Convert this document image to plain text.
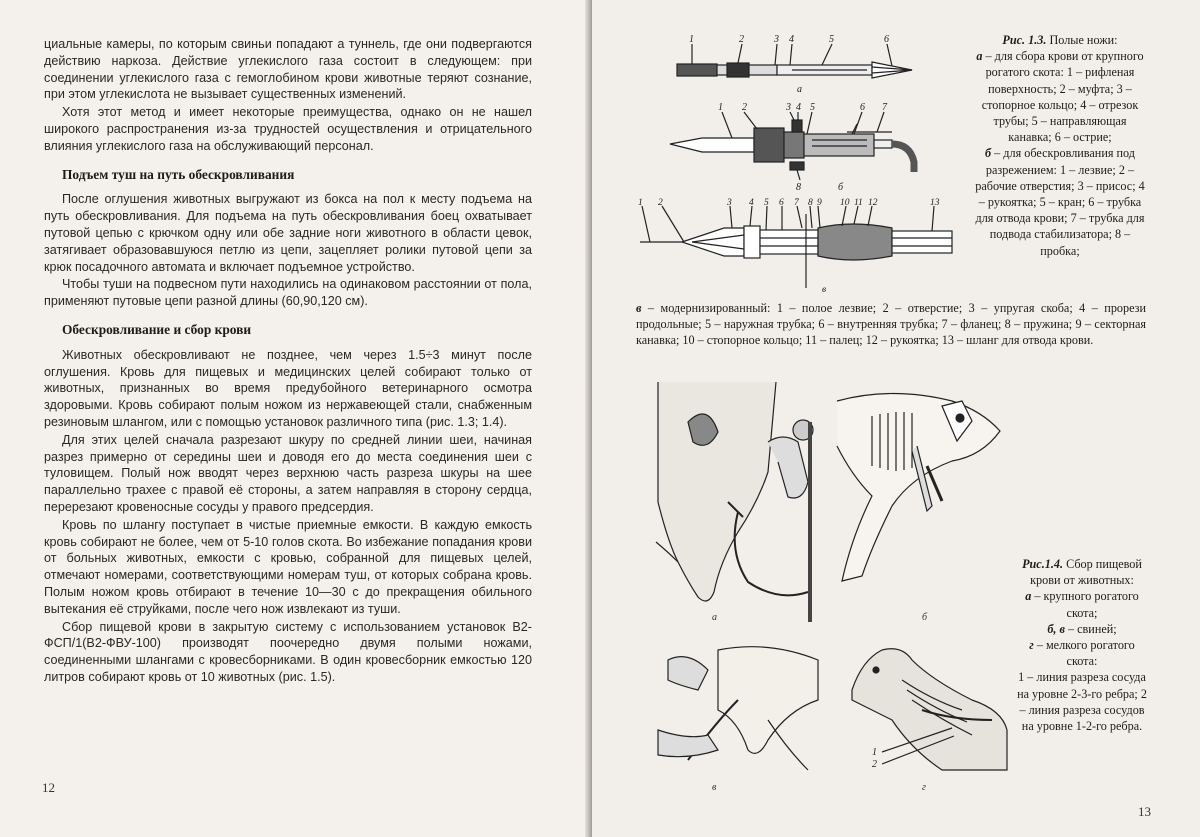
циальные камеры, по которым свиньи попадают а туннель, где они подвергаются действию наркоза. Действие углекислого газа состоит в следующем: при соединении углекислого газа с гемоглобином крови животные теряют сознание, при этом углекислота не вызывает существенных изменений.

Хотя этот метод и имеет некоторые преимущества, однако он не нашел широкого распространения из-за трудностей осуществления и отрицательного влияния углекислого газа на обслуживающий персонал.

Подъем туш на путь обескровливания

После оглушения животных выгружают из бокса на пол к месту подъема на путь обескровливания. Для подъема на путь обескровливания боец охватывает путовой цепью с крючком одну или обе задние ноги животного в области цевок, затягивает образовавшуюся петлю из цепи, зацепляет ролики путовой цепи за крюк посадочного автомата и включает подъемное устройство.

Чтобы туши на подвесном пути находились на одинаковом расстоянии от пола, применяют путовые цепи разной длины (60,90,120 см).

Обескровливание и сбор крови

Животных обескровливают не позднее, чем через 1.5÷3 минут после оглушения. Кровь для пищевых и медицинских целей собирают только от животных, признанных во время предубойного ветеринарного осмотра здоровыми. Кровь собирают полым ножом из нержавеющей стали, снабженным резиновым шлангом, или с помощью установок различного типа (рис. 1.3; 1.4).

Для этих целей сначала разрезают шкуру по средней линии шеи, начиная разрез примерно от середины шеи и доводя его до места соединения шеи с туловищем. Полый нож вводят через верхнюю часть разреза шкуры на шее параллельно трахее с правой её стороны, а затем направляя в сторону сердца, перерезают кровеносные сосуды у правого предсердия.

Кровь по шлангу поступает в чистые приемные емкости. В каждую емкость кровь собирают не более, чем от 5-10 голов скота. Во избежание попадания крови от больных животных, емкости с кровью, собранной для пищевых целей, отмечают номерами, соответствующими номерам туш, от которых собрана кровь. Полым ножом кровь отбирают в течение 10—30 с до прекращения обильного вытекания её струйками, после чего нож извлекают из туши.

Сбор пищевой крови в закрытую систему с использованием установок В2-ФСП/1(В2-ФВУ-100) производят поочередно двумя полыми ножами, соединенными шлангами с кровесборниками. В один кровесборник емкостью 120 литров собирают кровь от 10 животных (рис. 1.5).

12
1	2	3 4	5	6
а
1 2	3 4 5	6 7
8	б
1 2	3 4 5 6 7 8 9 10 11 12	13
в
Рис. 1.3. Полые ножи:
а – для сбора крови от крупного рогатого скота: 1 – рифленая поверхность; 2 – муфта; 3 – стопорное кольцо; 4 – отрезок трубы; 5 – направляющая канавка; 6 – острие;
б – для обескровливания под разрежением: 1 – лезвие; 2 – рабочие отверстия; 3 – присос; 4 – рукоятка; 5 – кран; 6 – трубка для отвода крови; 7 – трубка для подвода стабилизатора; 8 – пробка;
в – модернизированный: 1 – полое лезвие; 2 – отверстие; 3 – упругая скоба; 4 – прорези продольные; 5 – наружная трубка; 6 – внутренняя трубка; 7 – фланец; 8 – пружина; 9 – секторная канавка; 10 – стопорное кольцо; 11 – палец; 12 – рукоятка; 13 – шланг для отвода крови.
а	б
в
1
2
г
Рис.1.4. Сбор пищевой крови от животных:
а – крупного рогатого скота;
б, в – свиней;
г – мелкого рогатого скота:
1 – линия разреза сосуда на уровне 2-3-го ребра; 2 – линия разреза сосудов на уровне 1-2-го ребра.
13
